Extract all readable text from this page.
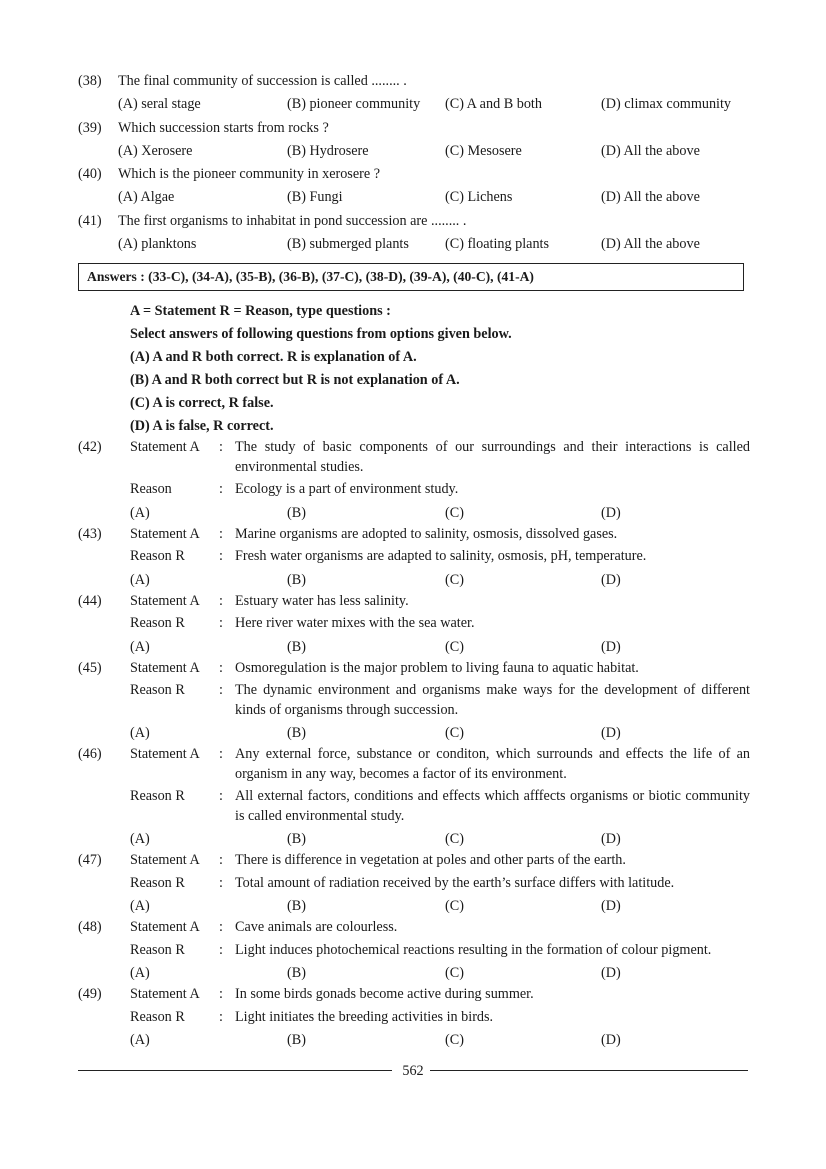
(38) The final community of succession is called ........ .
(A) seral stage	(B) pioneer community (C) A and B both	(D) climax community
(39) Which succession starts from rocks ?
(A) Xerosere	(B) Hydrosere	(C) Mesosere	(D) All the above
(40) Which is the pioneer community in xerosere ?
(A) Algae	(B) Fungi	(C) Lichens	(D) All the above
(41) The first organisms to inhabitat in pond succession are ........ .
(A) planktons	(B) submerged plants	(C) floating plants	(D) All the above
Answers : (33-C), (34-A), (35-B), (36-B), (37-C), (38-D), (39-A), (40-C), (41-A)
A = Statement R = Reason, type questions :
Select answers of following questions from options given below.
(A) A and R both correct. R is explanation of A.
(B) A and R both correct but R is not explanation of A.
(C) A is correct, R false.
(D) A is false, R correct.
(42) Statement A : The study of basic components of our surroundings and their interactions is called environmental studies.
Reason	: Ecology is a part of environment study.
(A)	(B)	(C)	(D)
(43) Statement A : Marine organisms are adopted to salinity, osmosis, dissolved gases.
Reason R : Fresh water organisms are adapted to salinity, osmosis, pH, temperature.
(A)	(B)	(C)	(D)
(44) Statement A : Estuary water has less salinity.
Reason R : Here river water mixes with the sea water.
(A)	(B)	(C)	(D)
(45) Statement A : Osmoregulation is the major problem to living fauna to aquatic habitat.
Reason R : The dynamic environment and organisms make ways for the development of different kinds of organisms through succession.
(A)	(B)	(C)	(D)
(46) Statement A : Any external force, substance or conditon, which surrounds and effects the life of an organism in any way, becomes a factor of its environment.
Reason R : All external factors, conditions and effects which afffects organisms or biotic community is called environmental study.
(A)	(B)	(C)	(D)
(47) Statement A : There is difference in vegetation at poles and other parts of the earth.
Reason R : Total amount of radiation received by the earth’s surface differs with latitude.
(A)	(B)	(C)	(D)
(48) Statement A : Cave animals are colourless.
Reason R : Light induces photochemical reactions resulting in the formation of colour pigment.
(A)	(B)	(C)	(D)
(49) Statement A : In some birds gonads become active during summer.
Reason R : Light initiates the breeding activities in birds.
(A)	(B)	(C)	(D)
562
